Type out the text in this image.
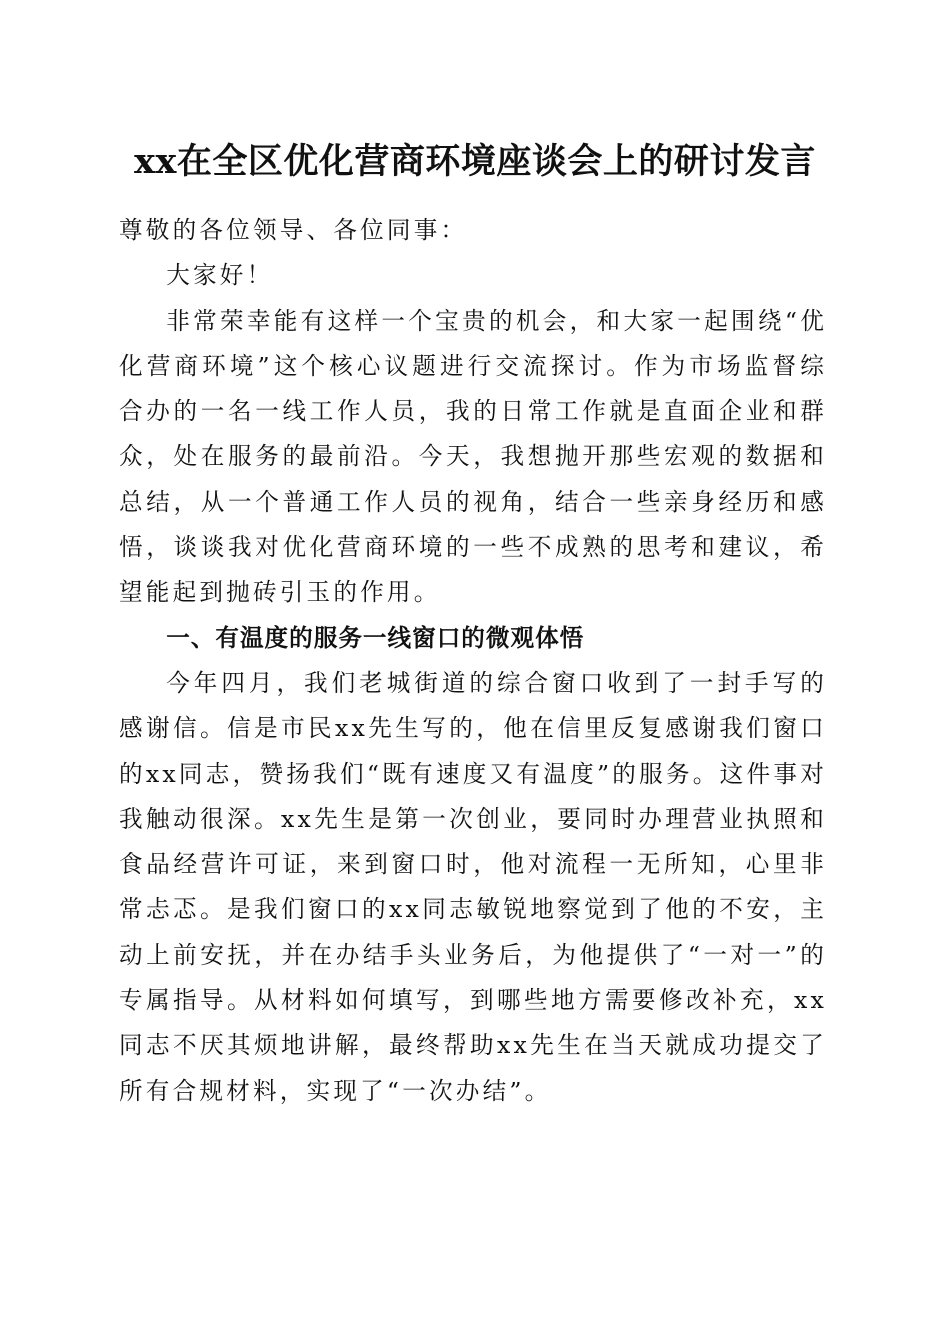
xx在全区优化营商环境座谈会上的研讨发言

尊敬的各位领导、各位同事：

大家好！

非常荣幸能有这样一个宝贵的机会，和大家一起围绕“优化营商环境”这个核心议题进行交流探讨。作为市场监督综合办的一名一线工作人员，我的日常工作就是直面企业和群众，处在服务的最前沿。今天，我想抛开那些宏观的数据和总结，从一个普通工作人员的视角，结合一些亲身经历和感悟，谈谈我对优化营商环境的一些不成熟的思考和建议，希望能起到抛砖引玉的作用。

一、有温度的服务一线窗口的微观体悟

今年四月，我们老城街道的综合窗口收到了一封手写的感谢信。信是市民xx先生写的，他在信里反复感谢我们窗口的xx同志，赞扬我们“既有速度又有温度”的服务。这件事对我触动很深。xx先生是第一次创业，要同时办理营业执照和食品经营许可证，来到窗口时，他对流程一无所知，心里非常忐忑。是我们窗口的xx同志敏锐地察觉到了他的不安，主动上前安抚，并在办结手头业务后，为他提供了“一对一”的专属指导。从材料如何填写，到哪些地方需要修改补充，xx同志不厌其烦地讲解，最终帮助xx先生在当天就成功提交了所有合规材料，实现了“一次办结”。
